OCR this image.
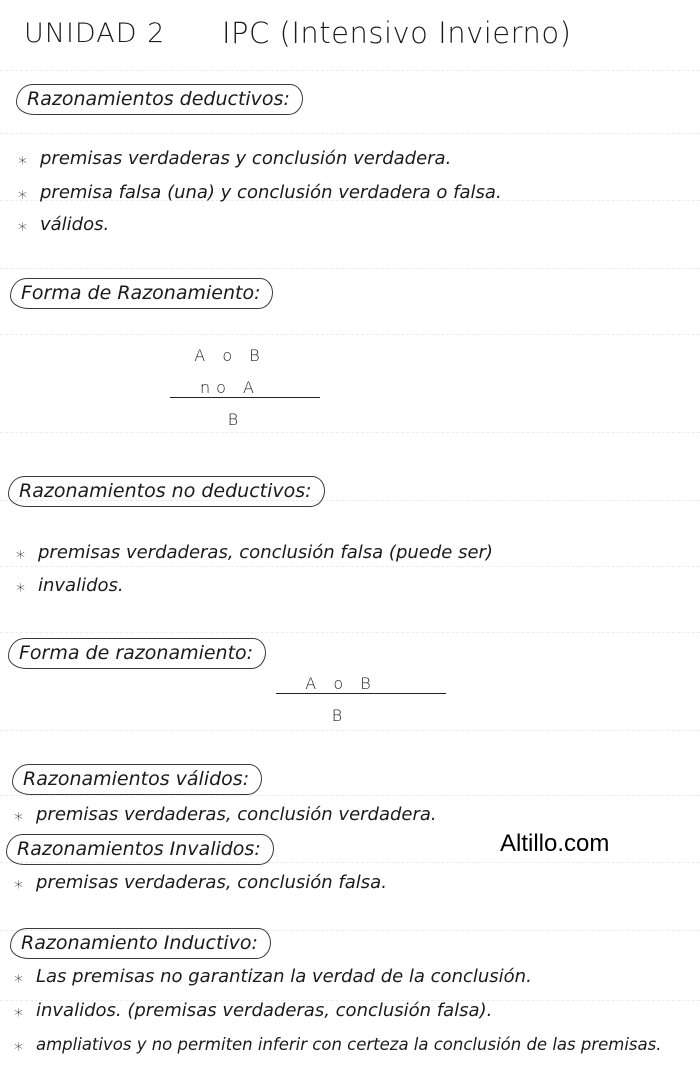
UNIDAD 2 IPC (Intensivo Invierno)
Razonamientos deductivos:
⁎ premisas verdaderas y conclusión verdadera.
⁎ premisa falsa (una) y conclusión verdadera o falsa.
⁎ válidos.
Forma de Razonamiento:
A o B
no A
B
Razonamientos no deductivos:
⁎ premisas verdaderas, conclusión falsa (puede ser)
⁎ invalidos.
Forma de razonamiento:
A o B
B
Razonamientos válidos:
⁎ premisas verdaderas, conclusión verdadera.
Razonamientos Invalidos:
⁎ premisas verdaderas, conclusión falsa.
Razonamiento Inductivo:
⁎ Las premisas no garantizan la verdad de la conclusión.
⁎ invalidos. (premisas verdaderas, conclusión falsa).
⁎ ampliativos y no permiten inferir con certeza la conclusión de las premisas.
Altillo.com
